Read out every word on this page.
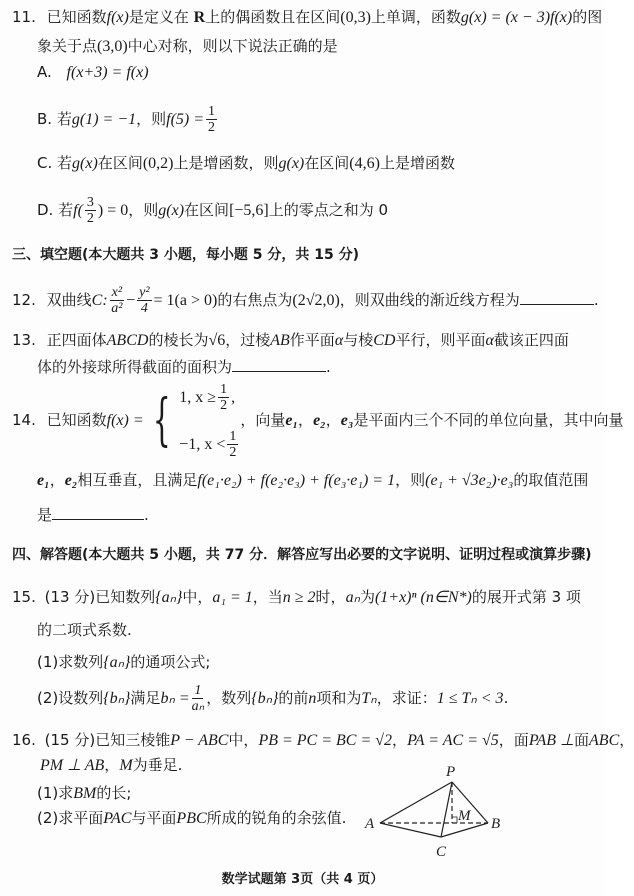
11. 已知函数f(x)是定义在 R上的偶函数且在区间(0,3)上单调，函数g(x) = (x − 3)f(x)的图
象关于点(3,0)中心对称，则以下说法正确的是
A. f(x+3) = f(x)
B. 若g(1) = −1，则$f(5) = \frac{1}{2}$
C. 若g(x)在区间(0,2)上是增函数，则g(x)在区间(4,6)上是增函数
D. 若$f( \frac{3}{2}$ ) = 0，则g(x)在区间[−5,6]上的零点之和为 0
三、填空题(本大题共 3 小题，每小题 5 分，共 15 分)
12. 双曲线C: $\frac{\text{x²}}{\text{a²}} - \frac{\text{y²}}{4} = 1(a > 0)$的右焦点为(2√2,0)，则双曲线的渐近线方程为	.
13. 正四面体ABCD的棱长为√6，过棱AB作平面α与棱CD平行，则平面α截该正四面
体的外接球所得截面的面积为	.
14. 已知函数f(x) = { 1, $x \ge \frac{1}{2}$ ,
−1, $x < \frac{1}{2}$
，向量e₁，e₂，e₃是平面内三个不同的单位向量，其中向量
e₁，e₂相互垂直，且满足f(e₁·e₂) + f(e₂·e₃) + f(e₃·e₁) = 1，则(e₁ + √3e₂)·e₃的取值范围
是	.
四、解答题(本大题共 5 小题，共 77 分．解答应写出必要的文字说明、证明过程或演算步骤)
15. (13 分)已知数列{aₙ}中，a₁ = 1，当n ≥ 2时，aₙ为(1+x)ⁿ (n∈N*)的展开式第 3 项
的二项式系数.
(1)求数列{aₙ}的通项公式;
(2)设数列{bₙ}满足$b_n = \frac{1}{\text{aₙ}}$ ，数列{bₙ}的前n项和为Tₙ，求证：1 ≤ Tₙ < 3.
16. (15 分)已知三棱锥P − ABC中，PB = PC = BC = √2，PA = AC = √5，面PAB ⊥面ABC，
PM ⊥ AB，M为垂足.
(1)求BM的长;
(2)求平面PAC与平面PBC所成的锐角的余弦值.
P
A	B
C
M
数学试题第 3页（共 4 页）
